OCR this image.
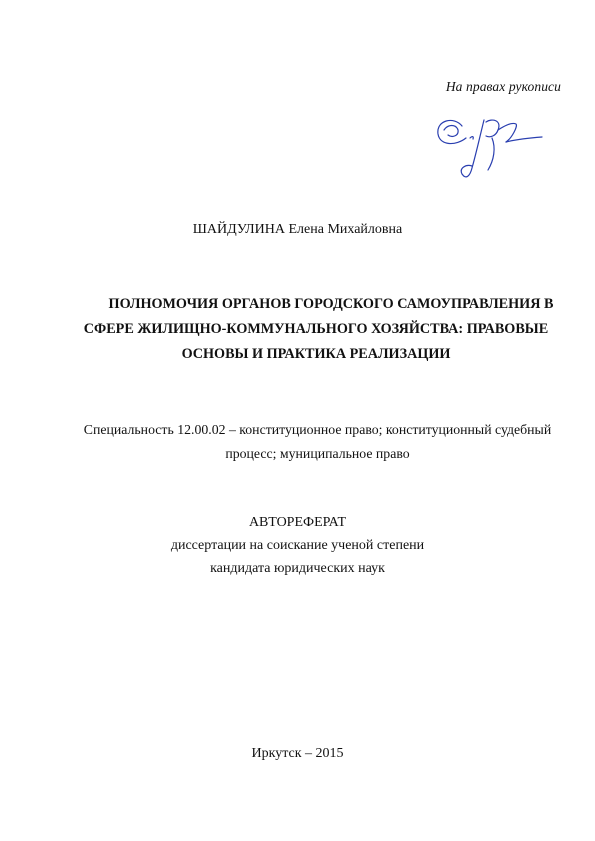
На правах рукописи
ШАЙДУЛИНА Елена Михайловна
ПОЛНОМОЧИЯ ОРГАНОВ ГОРОДСКОГО САМОУПРАВЛЕНИЯ В
СФЕРЕ ЖИЛИЩНО-КОММУНАЛЬНОГО ХОЗЯЙСТВА: ПРАВОВЫЕ
ОСНОВЫ И ПРАКТИКА РЕАЛИЗАЦИИ
Специальность 12.00.02 – конституционное право; конституционный судебный
процесс; муниципальное право
АВТОРЕФЕРАТ
диссертации на соискание ученой степени
кандидата юридических наук
Иркутск – 2015
